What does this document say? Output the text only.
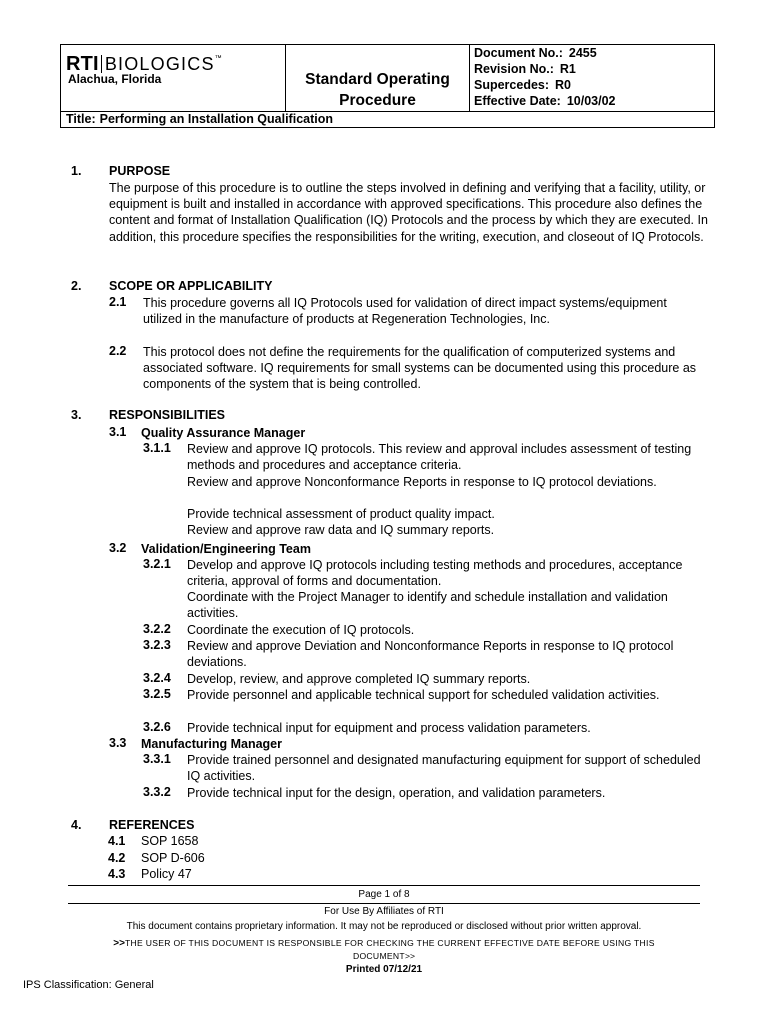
RTI BIOLOGICS™
Alachua, Florida	Standard Operating
Procedure

Document No.: 2455
Revision No.: R1
Supercedes: R0
Effective Date: 10/03/02

Title: Performing an Installation Qualification
1. PURPOSE
The purpose of this procedure is to outline the steps involved in defining and verifying that a facility, utility, or equipment is built and installed in accordance with approved specifications. This procedure also defines the content and format of Installation Qualification (IQ) Protocols and the process by which they are executed. In addition, this procedure specifies the responsibilities for the writing, execution, and closeout of IQ Protocols.
2. SCOPE OR APPLICABILITY
2.1 This procedure governs all IQ Protocols used for validation of direct impact systems/equipment utilized in the manufacture of products at Regeneration Technologies, Inc.
2.2 This protocol does not define the requirements for the qualification of computerized systems and associated software. IQ requirements for small systems can be documented using this procedure as components of the system that is being controlled.
3. RESPONSIBILITIES
3.1 Quality Assurance Manager
3.1.1 Review and approve IQ protocols. This review and approval includes assessment of testing methods and procedures and acceptance criteria.
Review and approve Nonconformance Reports in response to IQ protocol deviations.
Provide technical assessment of product quality impact.
Review and approve raw data and IQ summary reports.
3.2 Validation/Engineering Team
3.2.1 Develop and approve IQ protocols including testing methods and procedures, acceptance criteria, approval of forms and documentation.
Coordinate with the Project Manager to identify and schedule installation and validation activities.
3.2.2 Coordinate the execution of IQ protocols.
3.2.3 Review and approve Deviation and Nonconformance Reports in response to IQ protocol deviations.
3.2.4 Develop, review, and approve completed IQ summary reports.
3.2.5 Provide personnel and applicable technical support for scheduled validation activities.
3.2.6 Provide technical input for equipment and process validation parameters.
3.3 Manufacturing Manager
3.3.1 Provide trained personnel and designated manufacturing equipment for support of scheduled IQ activities.
3.3.2 Provide technical input for the design, operation, and validation parameters.
4. REFERENCES
4.1 SOP 1658
4.2 SOP D-606
4.3 Policy 47
Page 1 of 8
For Use By Affiliates of RTI
This document contains proprietary information. It may not be reproduced or disclosed without prior written approval.
>>THE USER OF THIS DOCUMENT IS RESPONSIBLE FOR CHECKING THE CURRENT EFFECTIVE DATE BEFORE USING THIS
DOCUMENT>>
Printed 07/12/21
IPS Classification: General
